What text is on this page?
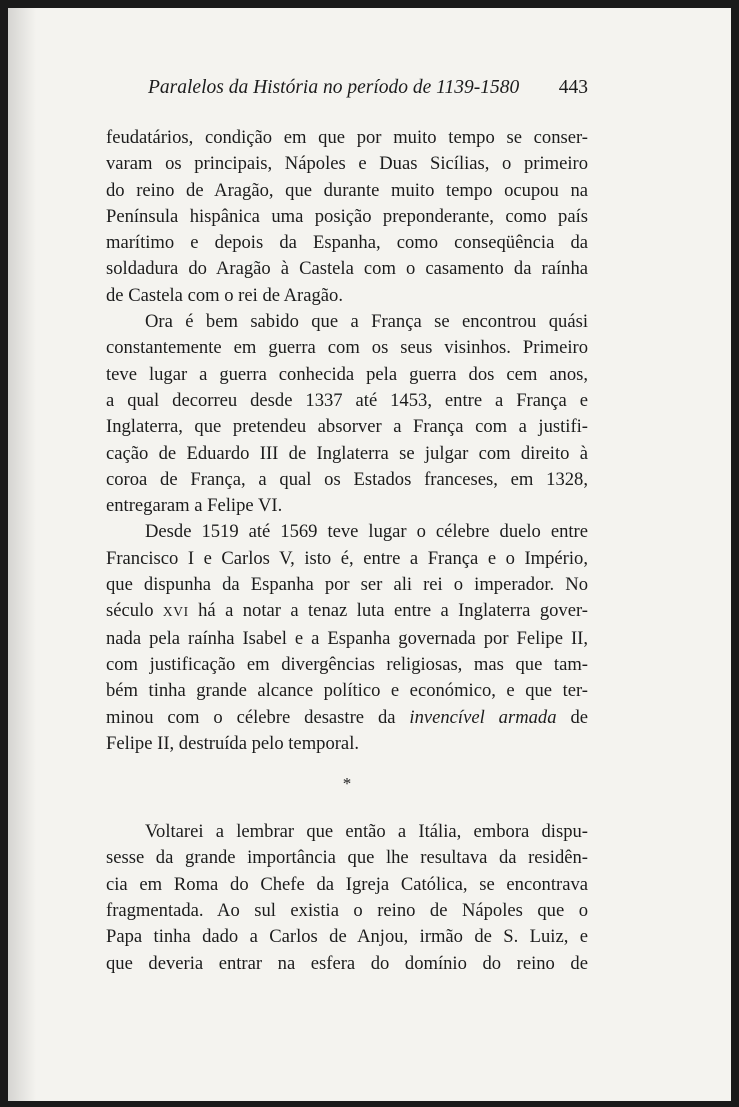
Paralelos da História no período de 1139-1580 443
feudatários, condição em que por muito tempo se conser-
varam os principais, Nápoles e Duas Sicílias, o primeiro
do reino de Aragão, que durante muito tempo ocupou na
Península hispânica uma posição preponderante, como país
marítimo e depois da Espanha, como conseqüência da
soldadura do Aragão à Castela com o casamento da raínha
de Castela com o rei de Aragão.
Ora é bem sabido que a França se encontrou quási
constantemente em guerra com os seus visinhos. Primeiro
teve lugar a guerra conhecida pela guerra dos cem anos,
a qual decorreu desde 1337 até 1453, entre a França e
Inglaterra, que pretendeu absorver a França com a justifi-
cação de Eduardo III de Inglaterra se julgar com direito à
coroa de França, a qual os Estados franceses, em 1328,
entregaram a Felipe VI.
Desde 1519 até 1569 teve lugar o célebre duelo entre
Francisco I e Carlos V, isto é, entre a França e o Império,
que dispunha da Espanha por ser ali rei o imperador. No
século XVI há a notar a tenaz luta entre a Inglaterra gover-
nada pela raínha Isabel e a Espanha governada por Felipe II,
com justificação em divergências religiosas, mas que tam-
bém tinha grande alcance político e económico, e que ter-
minou com o célebre desastre da invencível armada de
Felipe II, destruída pelo temporal.
*
Voltarei a lembrar que então a Itália, embora dispu-
sesse da grande importância que lhe resultava da residên-
cia em Roma do Chefe da Igreja Católica, se encontrava
fragmentada. Ao sul existia o reino de Nápoles que o
Papa tinha dado a Carlos de Anjou, irmão de S. Luiz, e
que deveria entrar na esfera do domínio do reino de
